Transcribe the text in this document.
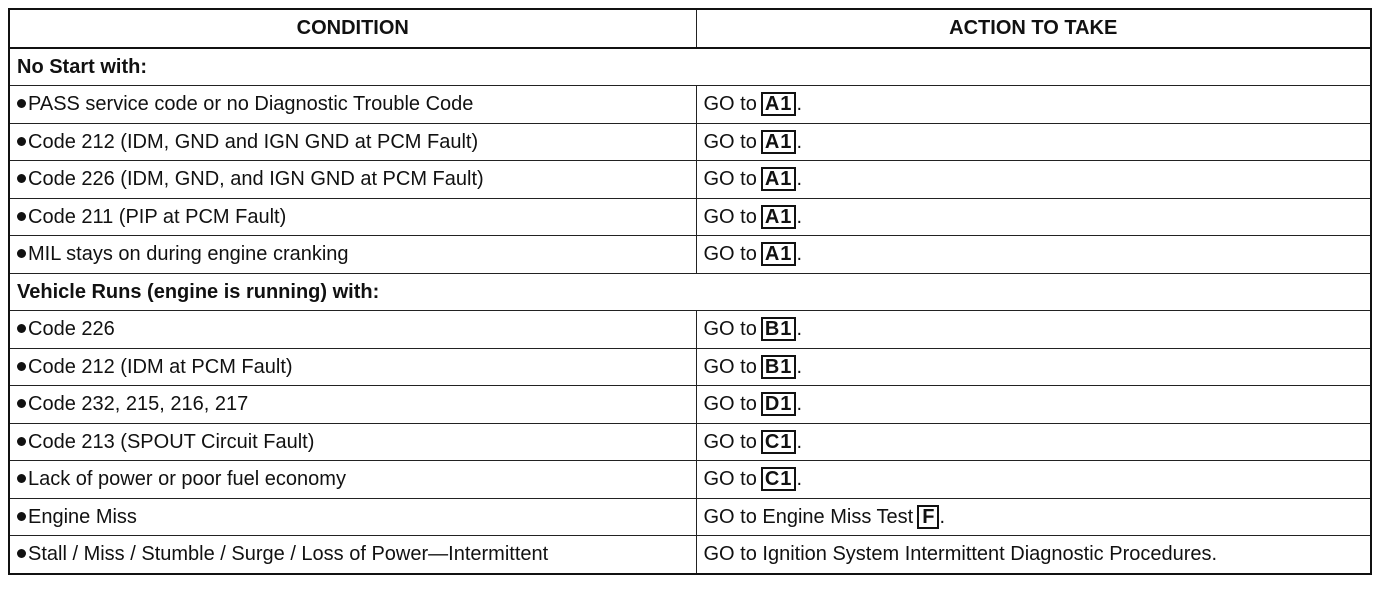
CONDITION	ACTION TO TAKE
No Start with:	
PASS service code or no Diagnostic Trouble Code	GO to A1 .
Code 212 (IDM, GND and IGN GND at PCM Fault)	GO to A1 .
Code 226 (IDM, GND, and IGN GND at PCM Fault)	GO to A1 .
Code 211 (PIP at PCM Fault)	GO to A1 .
MIL stays on during engine cranking	GO to A1 .
Vehicle Runs (engine is running) with:	
Code 226	GO to B1 .
Code 212 (IDM at PCM Fault)	GO to B1 .
Code 232, 215, 216, 217	GO to D1 .
Code 213 (SPOUT Circuit Fault)	GO to C1 .
Lack of power or poor fuel economy	GO to C1 .
Engine Miss	GO to Engine Miss Test F .
Stall / Miss / Stumble / Surge / Loss of Power—Intermittent	GO to Ignition System Intermittent Diagnostic Procedures.
